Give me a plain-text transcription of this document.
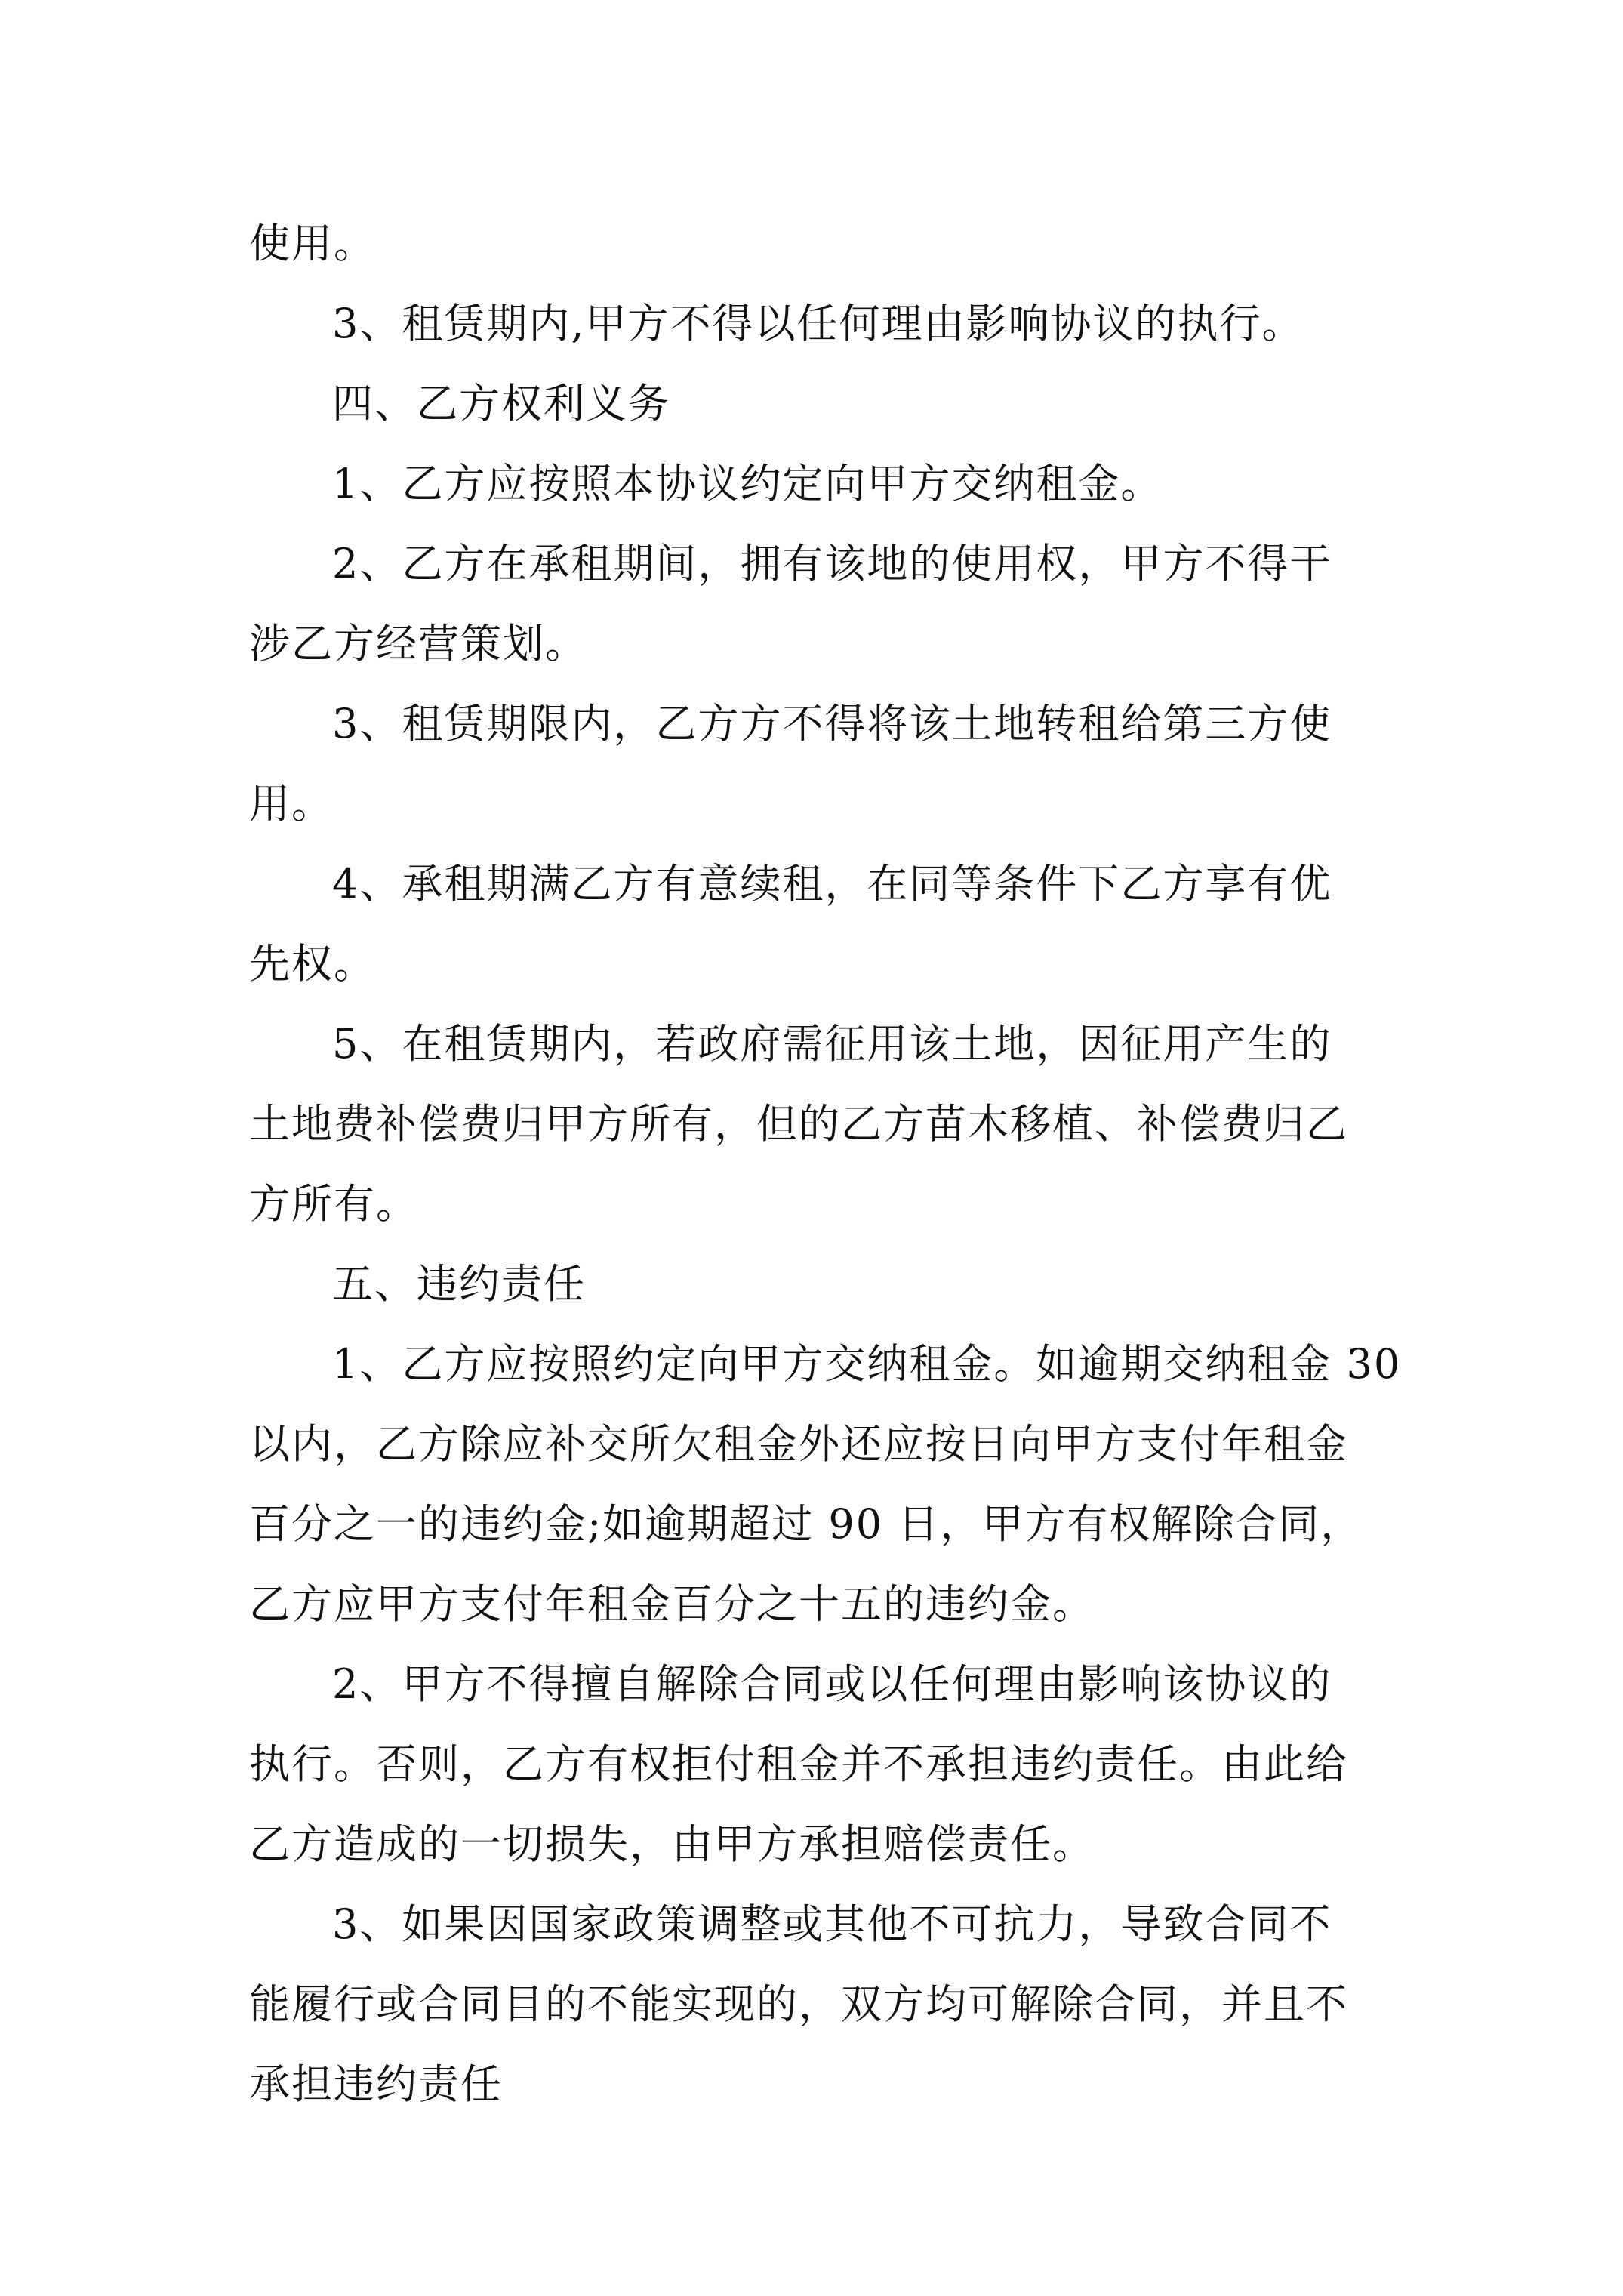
使用。
3、租赁期内,甲方不得以任何理由影响协议的执行。
四、乙方权利义务
1、乙方应按照本协议约定向甲方交纳租金。
2、乙方在承租期间，拥有该地的使用权，甲方不得干
涉乙方经营策划。
3、租赁期限内，乙方方不得将该土地转租给第三方使
用。
4、承租期满乙方有意续租，在同等条件下乙方享有优
先权。
5、在租赁期内，若政府需征用该土地，因征用产生的
土地费补偿费归甲方所有，但的乙方苗木移植、补偿费归乙
方所有。
五、违约责任
1、乙方应按照约定向甲方交纳租金。如逾期交纳租金 30
以内，乙方除应补交所欠租金外还应按日向甲方支付年租金
百分之一的违约金;如逾期超过 90 日，甲方有权解除合同，
乙方应甲方支付年租金百分之十五的违约金。
2、甲方不得擅自解除合同或以任何理由影响该协议的
执行。否则，乙方有权拒付租金并不承担违约责任。由此给
乙方造成的一切损失，由甲方承担赔偿责任。
3、如果因国家政策调整或其他不可抗力，导致合同不
能履行或合同目的不能实现的，双方均可解除合同，并且不
承担违约责任
